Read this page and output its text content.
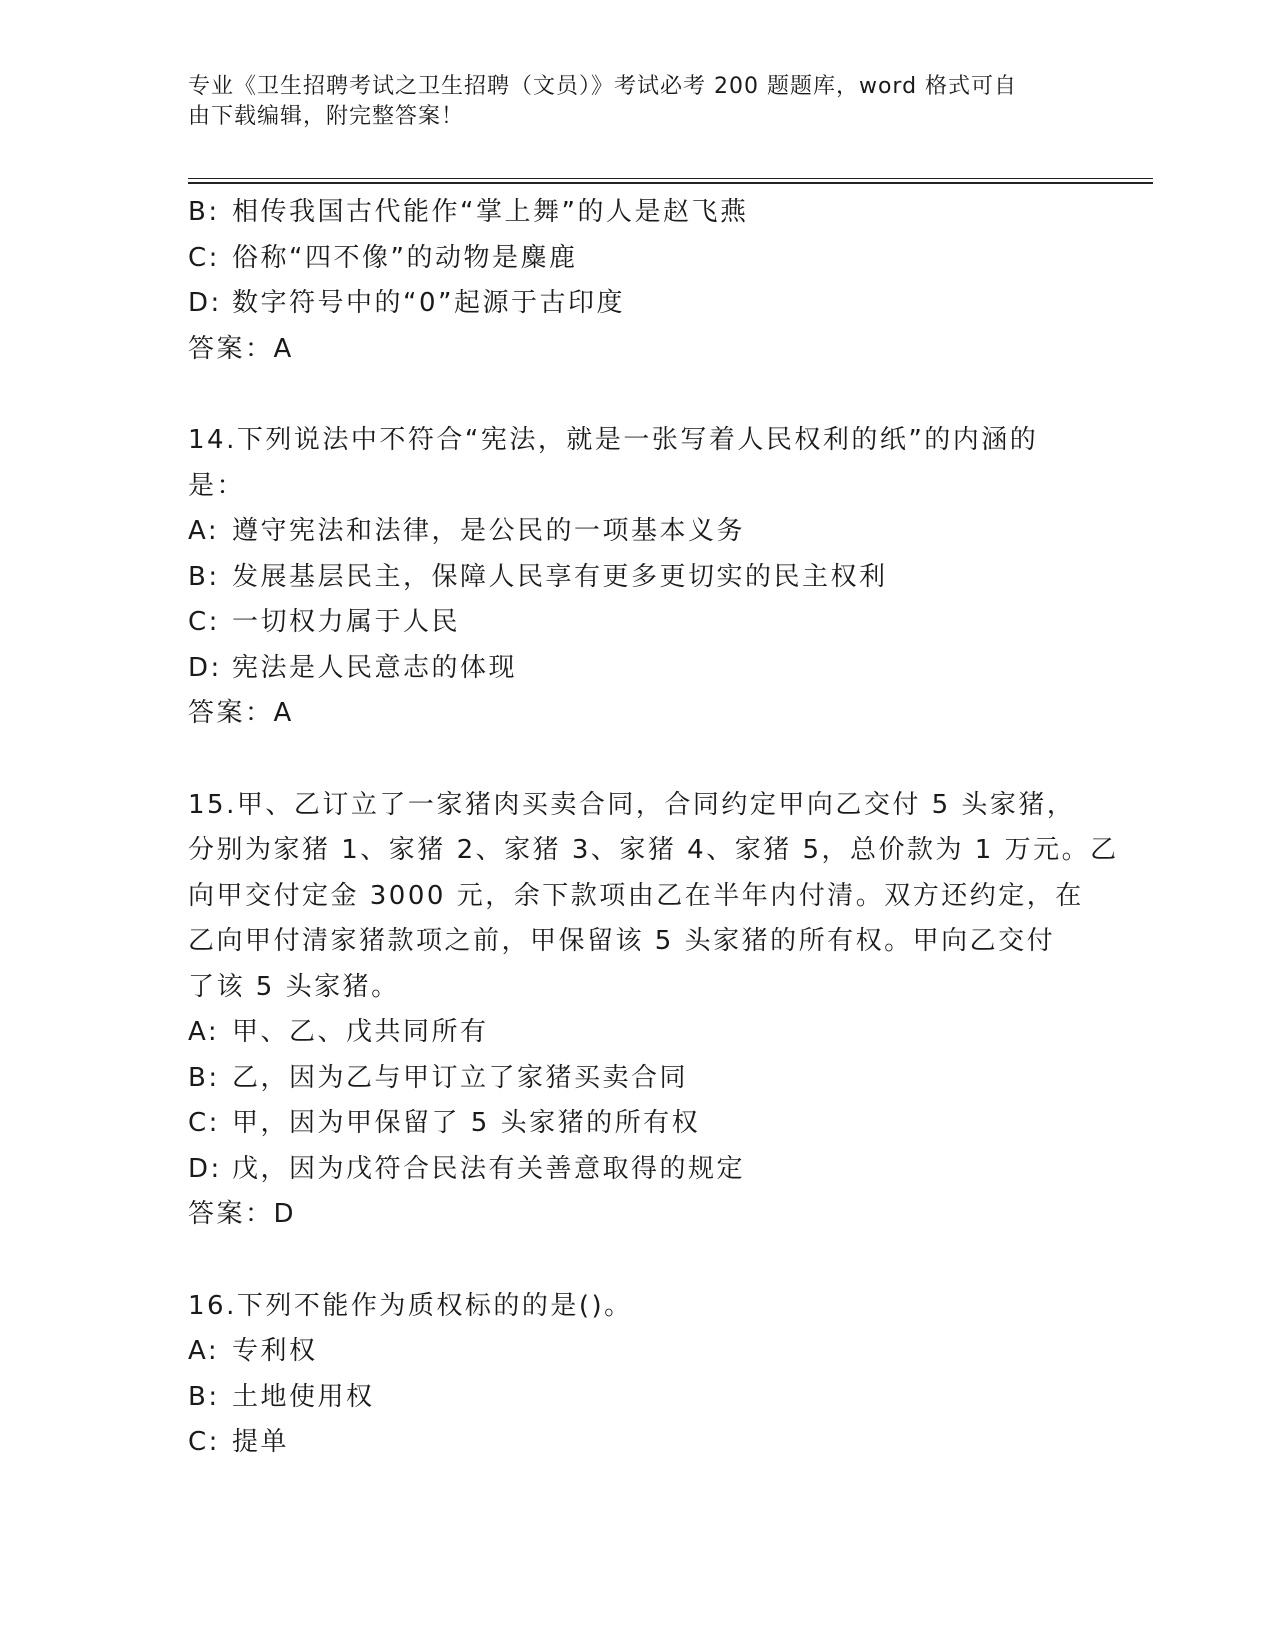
专业《卫生招聘考试之卫生招聘（文员）》考试必考 200 题题库，word 格式可自
由下载编辑，附完整答案！
B: 相传我国古代能作“掌上舞”的人是赵飞燕
C: 俗称“四不像”的动物是麋鹿
D: 数字符号中的“0”起源于古印度
答案：A
14.下列说法中不符合“宪法，就是一张写着人民权利的纸”的内涵的
是：
A: 遵守宪法和法律，是公民的一项基本义务
B: 发展基层民主，保障人民享有更多更切实的民主权利
C: 一切权力属于人民
D: 宪法是人民意志的体现
答案：A
15.甲、乙订立了一家猪肉买卖合同，合同约定甲向乙交付 5 头家猪，
分别为家猪 1、家猪 2、家猪 3、家猪 4、家猪 5，总价款为 1 万元。乙
向甲交付定金 3000 元，余下款项由乙在半年内付清。双方还约定，在
乙向甲付清家猪款项之前，甲保留该 5 头家猪的所有权。甲向乙交付
了该 5 头家猪。
A: 甲、乙、戊共同所有
B: 乙，因为乙与甲订立了家猪买卖合同
C: 甲，因为甲保留了 5 头家猪的所有权
D: 戊，因为戊符合民法有关善意取得的规定
答案：D
16.下列不能作为质权标的的是()。
A: 专利权
B: 土地使用权
C: 提单
